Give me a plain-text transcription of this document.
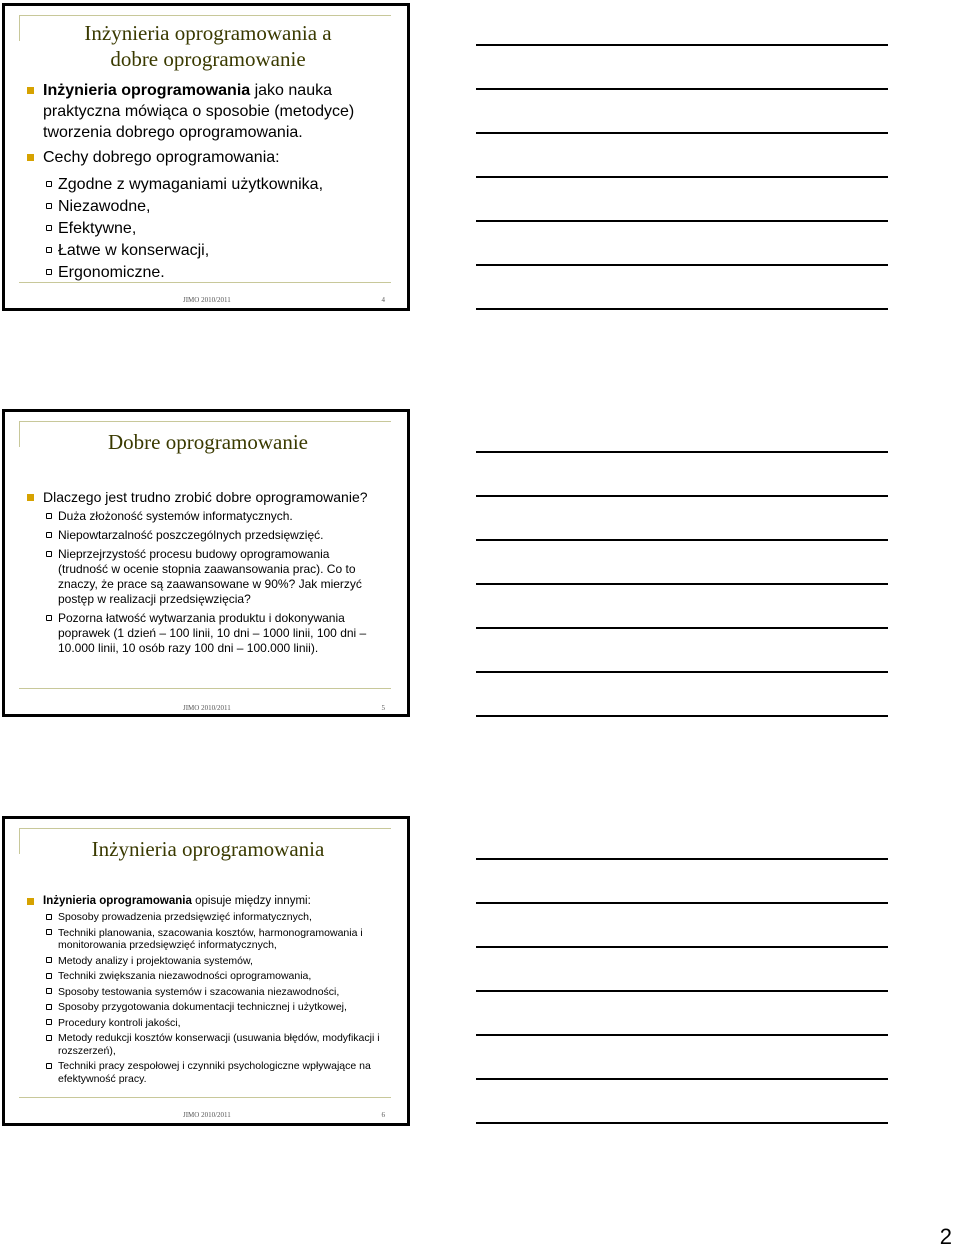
Inżynieria oprogramowania a dobre oprogramowanie
Inżynieria oprogramowania jako nauka praktyczna mówiąca o sposobie (metodyce) tworzenia dobrego oprogramowania.
Cechy dobrego oprogramowania:
Zgodne z wymaganiami użytkownika,
Niezawodne,
Efektywne,
Łatwe w konserwacji,
Ergonomiczne.
JIMO 2010/2011	4
Dobre oprogramowanie
Dlaczego jest trudno zrobić dobre oprogramowanie?
Duża złożoność systemów informatycznych.
Niepowtarzalność poszczególnych przedsięwzięć.
Nieprzejrzystość procesu budowy oprogramowania (trudność w ocenie stopnia zaawansowania prac). Co to znaczy, że prace są zaawansowane w 90%? Jak mierzyć postęp w realizacji przedsięwzięcia?
Pozorna łatwość wytwarzania produktu i dokonywania poprawek (1 dzień – 100 linii, 10 dni – 1000 linii, 100 dni – 10.000 linii, 10 osób razy 100 dni – 100.000 linii).
JIMO 2010/2011	5
Inżynieria oprogramowania
Inżynieria oprogramowania opisuje między innymi:
Sposoby prowadzenia przedsięwzięć informatycznych,
Techniki planowania, szacowania kosztów, harmonogramowania i monitorowania przedsięwzięć informatycznych,
Metody analizy i projektowania systemów,
Techniki zwiększania niezawodności oprogramowania,
Sposoby testowania systemów i szacowania niezawodności,
Sposoby przygotowania dokumentacji technicznej i użytkowej,
Procedury kontroli jakości,
Metody redukcji kosztów konserwacji (usuwania błędów, modyfikacji i rozszerzeń),
Techniki pracy zespołowej i czynniki psychologiczne wpływające na efektywność pracy.
JIMO 2010/2011	6
2
